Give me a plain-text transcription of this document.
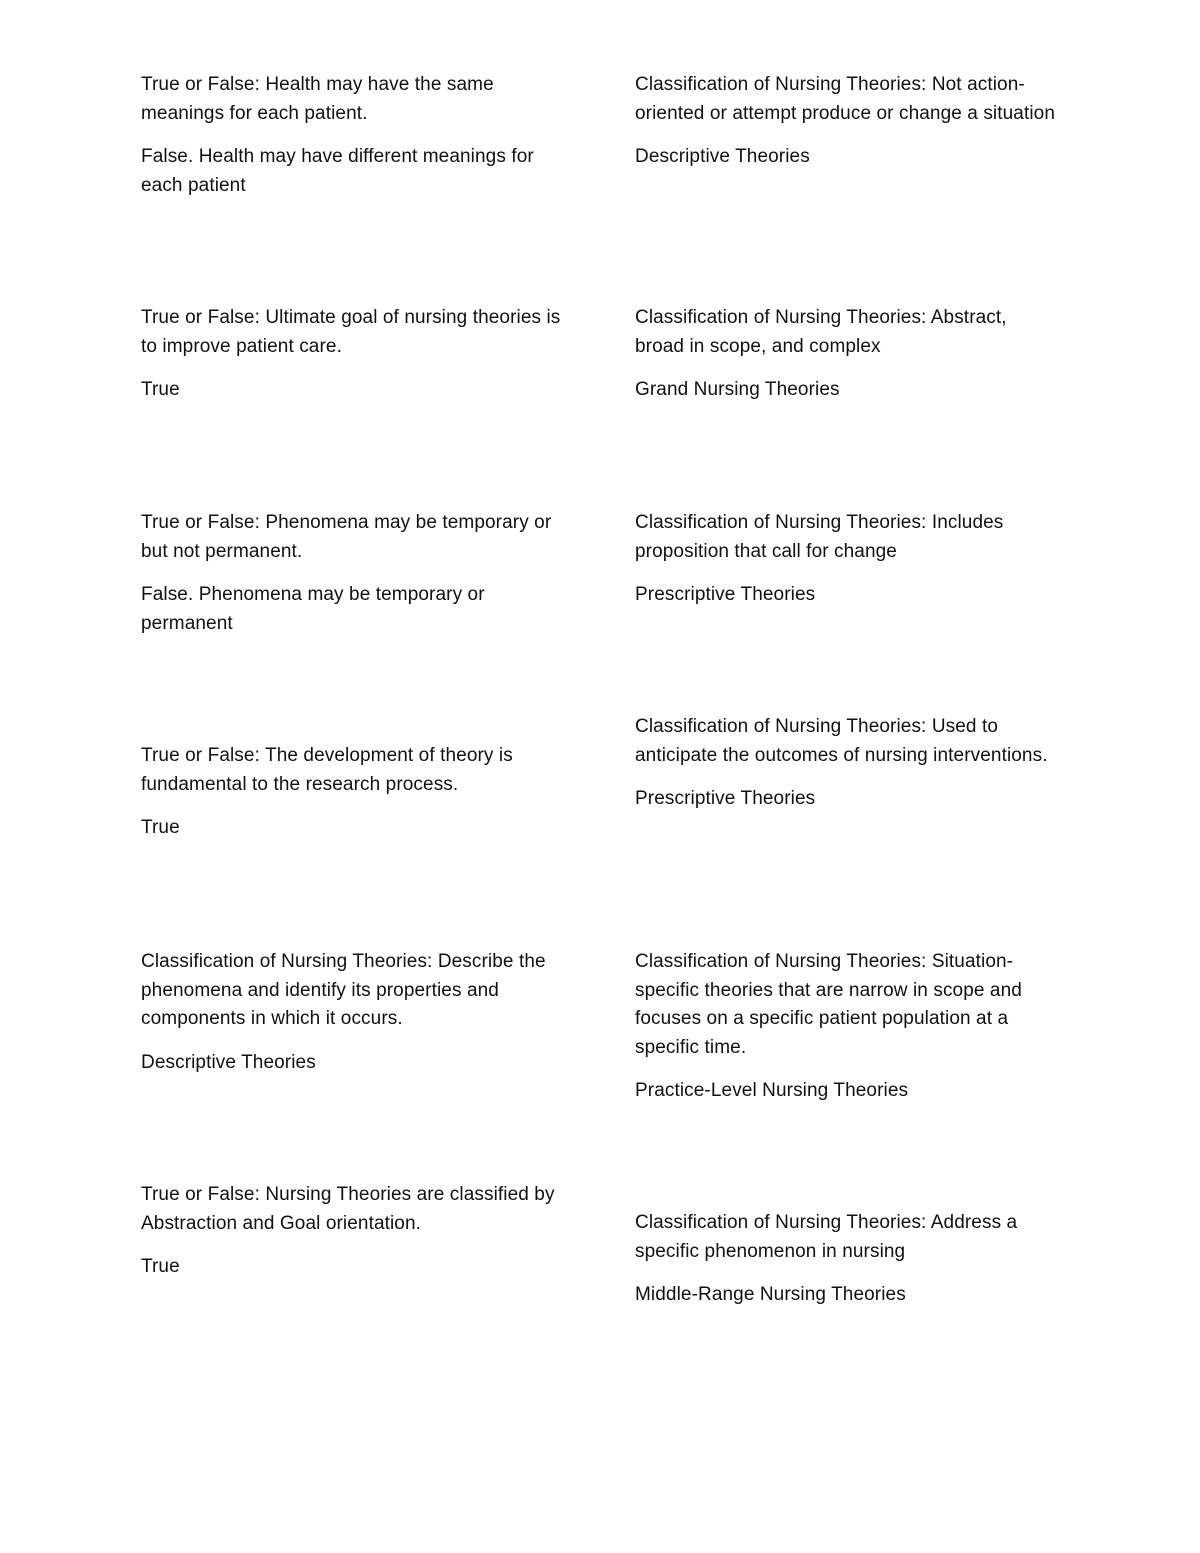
True or False: Health may have the same meanings for each patient.

False. Health may have different meanings for each patient

Classification of Nursing Theories: Not action-oriented or attempt produce or change a situation

Descriptive Theories

True or False: Ultimate goal of nursing theories is to improve patient care.

True

Classification of Nursing Theories: Abstract, broad in scope, and complex

Grand Nursing Theories

True or False: Phenomena may be temporary or but not permanent.

False. Phenomena may be temporary or permanent

Classification of Nursing Theories: Includes proposition that call for change

Prescriptive Theories

True or False: The development of theory is fundamental to the research process.

True

Classification of Nursing Theories: Used to anticipate the outcomes of nursing interventions.

Prescriptive Theories

Classification of Nursing Theories: Describe the phenomena and identify its properties and components in which it occurs.

Descriptive Theories

Classification of Nursing Theories: Situation-specific theories that are narrow in scope and focuses on a specific patient population at a specific time.

Practice-Level Nursing Theories

True or False: Nursing Theories are classified by Abstraction and Goal orientation.

True

Classification of Nursing Theories: Address a specific phenomenon in nursing

Middle-Range Nursing Theories
